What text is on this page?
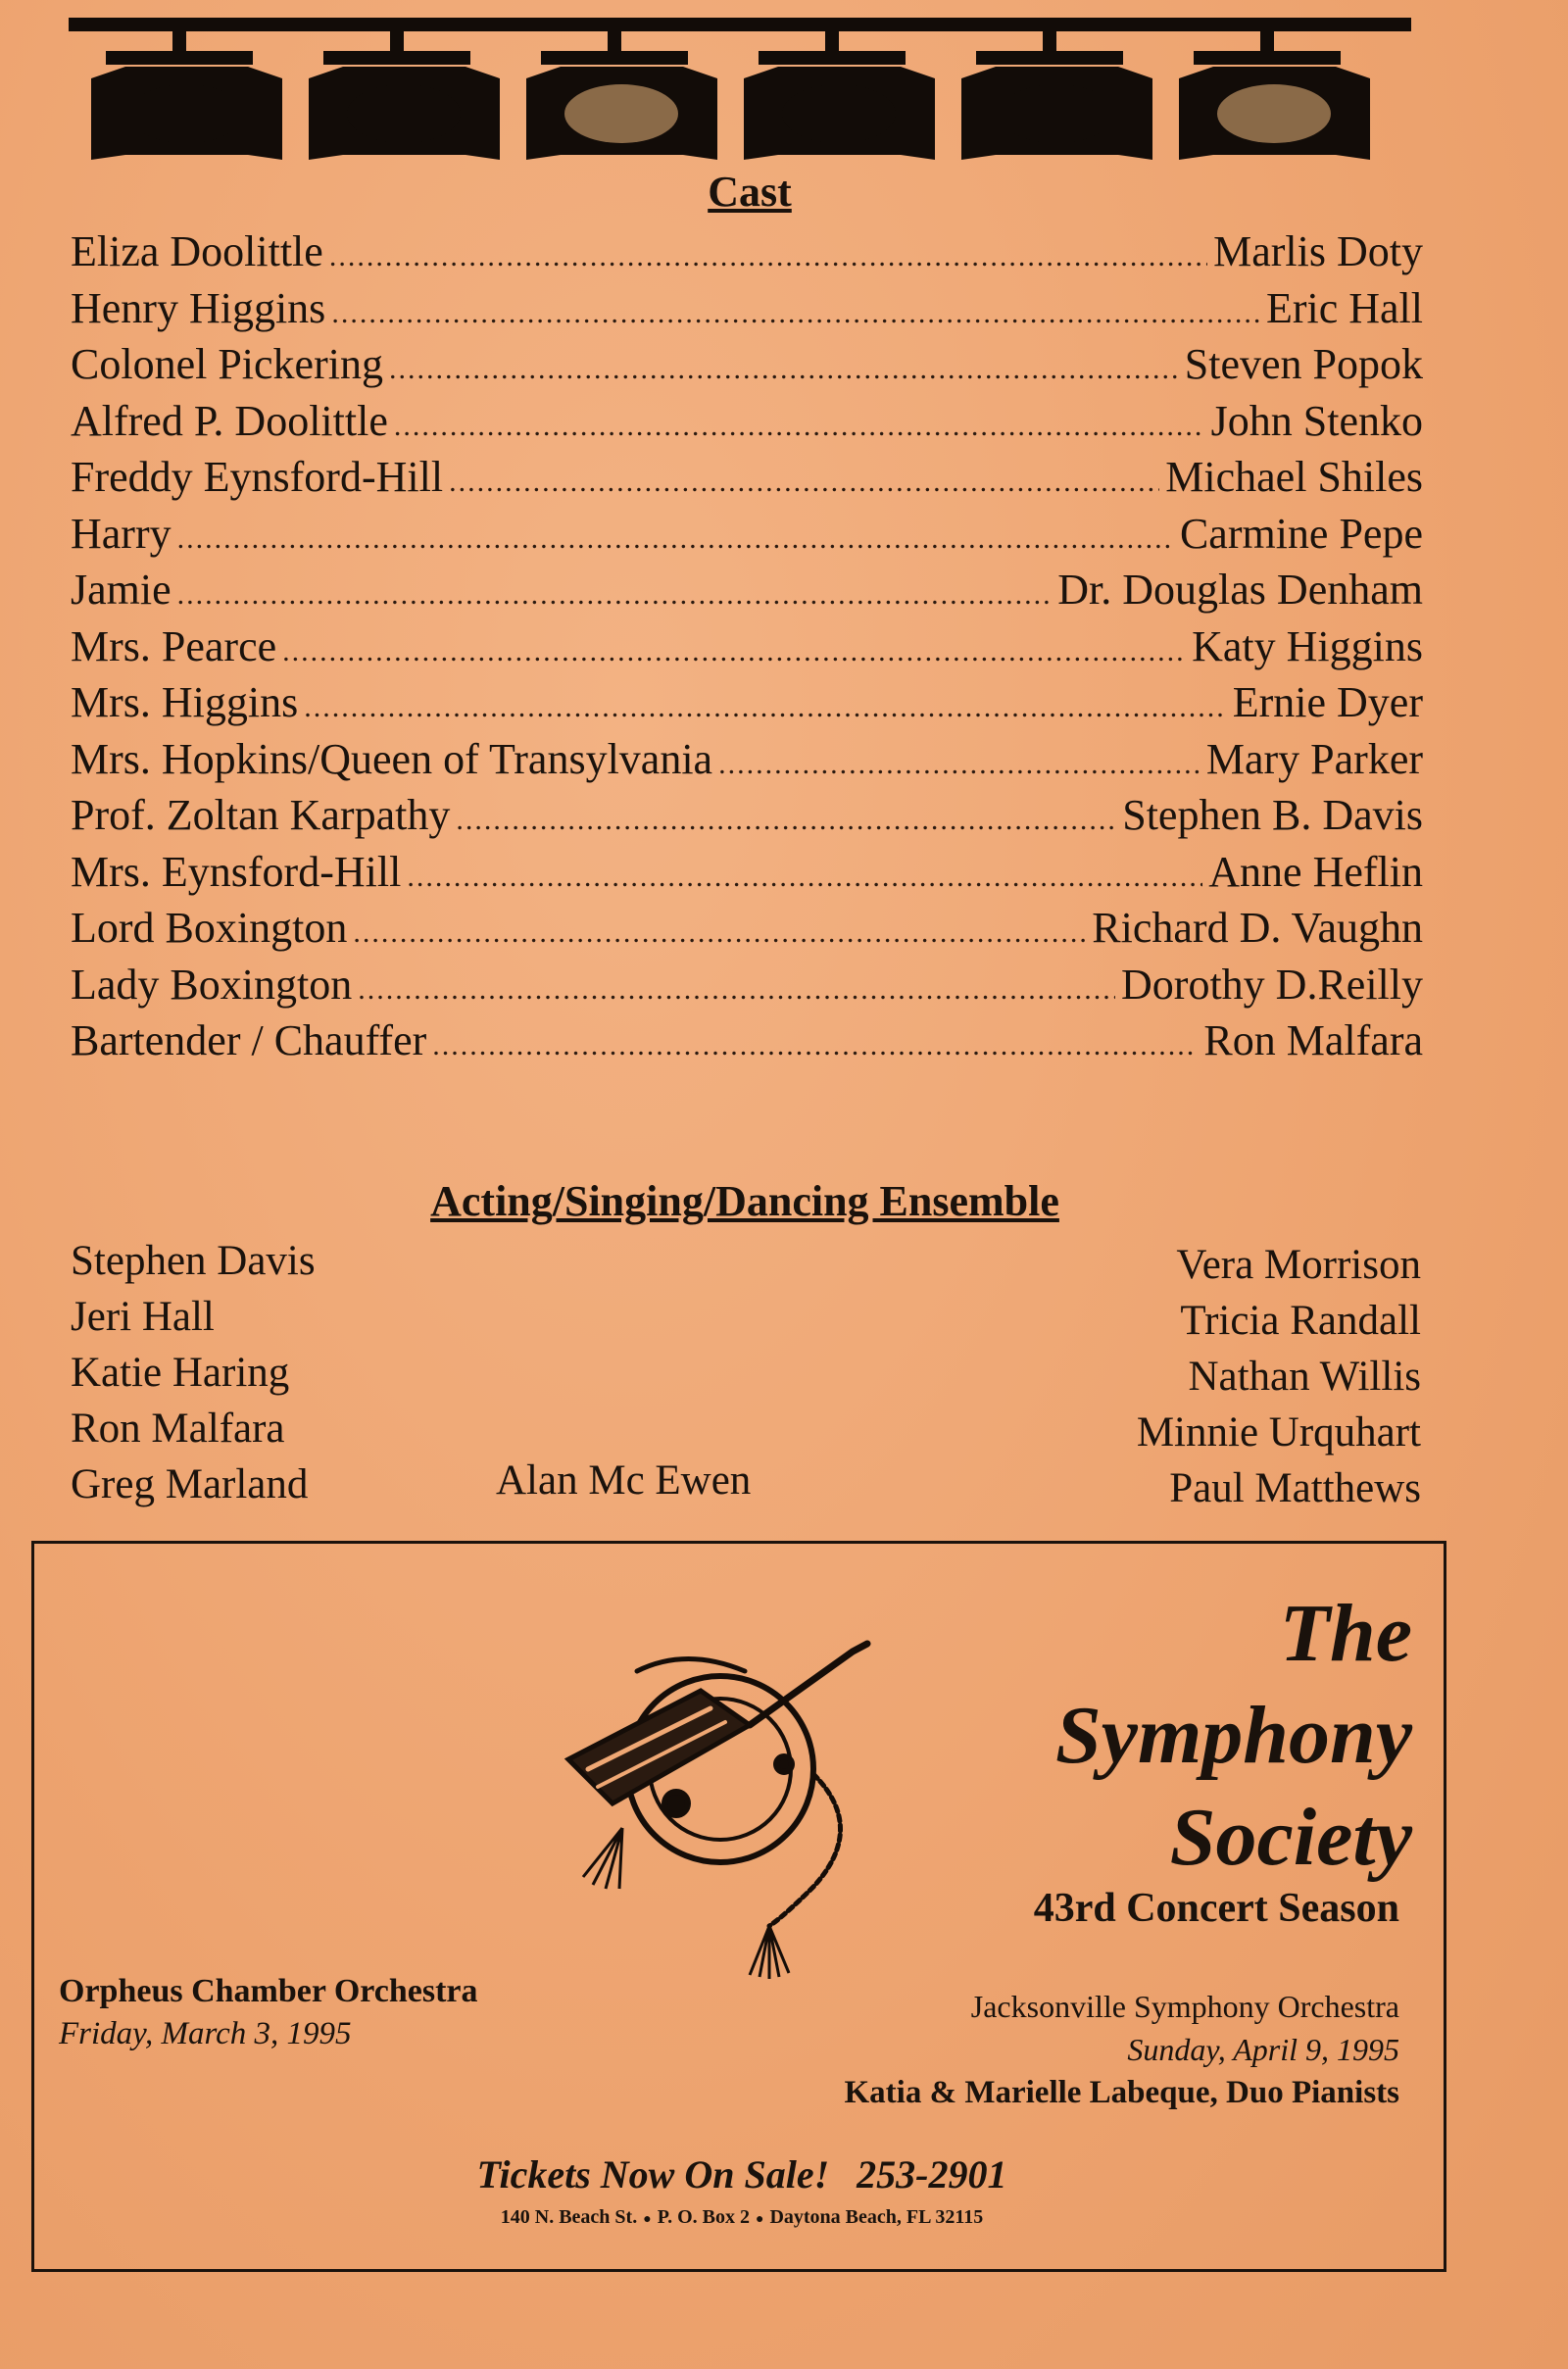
Cast
Eliza Doolittle .....	Marlis Doty
Henry Higgins .....	Eric Hall
Colonel Pickering .....	Steven Popok
Alfred P. Doolittle .....	John Stenko
Freddy Eynsford-Hill .....	Michael Shiles
Harry .....	Carmine Pepe
Jamie .....	Dr. Douglas Denham
Mrs. Pearce .....	Katy Higgins
Mrs. Higgins .....	Ernie Dyer
Mrs. Hopkins/Queen of Transylvania .....	Mary Parker
Prof. Zoltan Karpathy .....	Stephen B. Davis
Mrs. Eynsford-Hill .....	Anne Heflin
Lord Boxington .....	Richard D. Vaughn
Lady Boxington .....	Dorothy D.Reilly
Bartender / Chauffer .....	Ron Malfara
Acting/Singing/Dancing Ensemble
Stephen Davis
Jeri Hall
Katie Haring
Ron Malfara
Greg Marland	Alan Mc Ewen
Vera Morrison
Tricia Randall
Nathan Willis
Minnie Urquhart
Paul Matthews
The
Symphony
Society
43rd Concert Season
Orpheus Chamber Orchestra
Friday, March 3, 1995
Jacksonville Symphony Orchestra
Sunday, April 9, 1995
Katia & Marielle Labeque, Duo Pianists
Tickets Now On Sale! 253-2901
140 N. Beach St. ● P. O. Box 2 ● Daytona Beach, FL 32115
